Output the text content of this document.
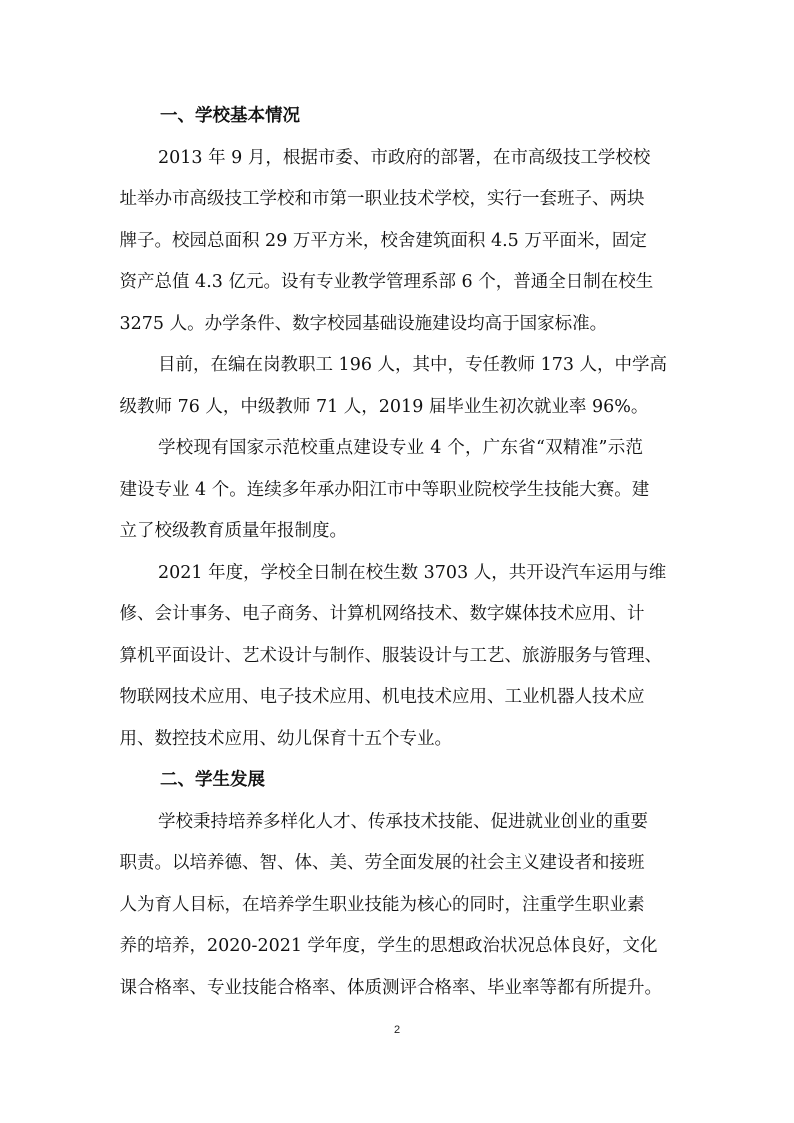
一、学校基本情况
2013 年 9 月，根据市委、市政府的部署，在市高级技工学校校
址举办市高级技工学校和市第一职业技术学校，实行一套班子、两块
牌子。校园总面积 29 万平方米，校舍建筑面积 4.5 万平面米，固定
资产总值 4.3 亿元。设有专业教学管理系部 6 个，普通全日制在校生
3275 人。办学条件、数字校园基础设施建设均高于国家标准。
目前，在编在岗教职工 196 人，其中，专任教师 173 人，中学高
级教师 76 人，中级教师 71 人，2019 届毕业生初次就业率 96%。
学校现有国家示范校重点建设专业 4 个，广东省“双精准”示范
建设专业 4 个。连续多年承办阳江市中等职业院校学生技能大赛。建
立了校级教育质量年报制度。
2021 年度，学校全日制在校生数 3703 人，共开设汽车运用与维
修、会计事务、电子商务、计算机网络技术、数字媒体技术应用、计
算机平面设计、艺术设计与制作、服装设计与工艺、旅游服务与管理、
物联网技术应用、电子技术应用、机电技术应用、工业机器人技术应
用、数控技术应用、幼儿保育十五个专业。
二、学生发展
学校秉持培养多样化人才、传承技术技能、促进就业创业的重要
职责。以培养德、智、体、美、劳全面发展的社会主义建设者和接班
人为育人目标，在培养学生职业技能为核心的同时，注重学生职业素
养的培养，2020-2021 学年度，学生的思想政治状况总体良好，文化
课合格率、专业技能合格率、体质测评合格率、毕业率等都有所提升。
2
